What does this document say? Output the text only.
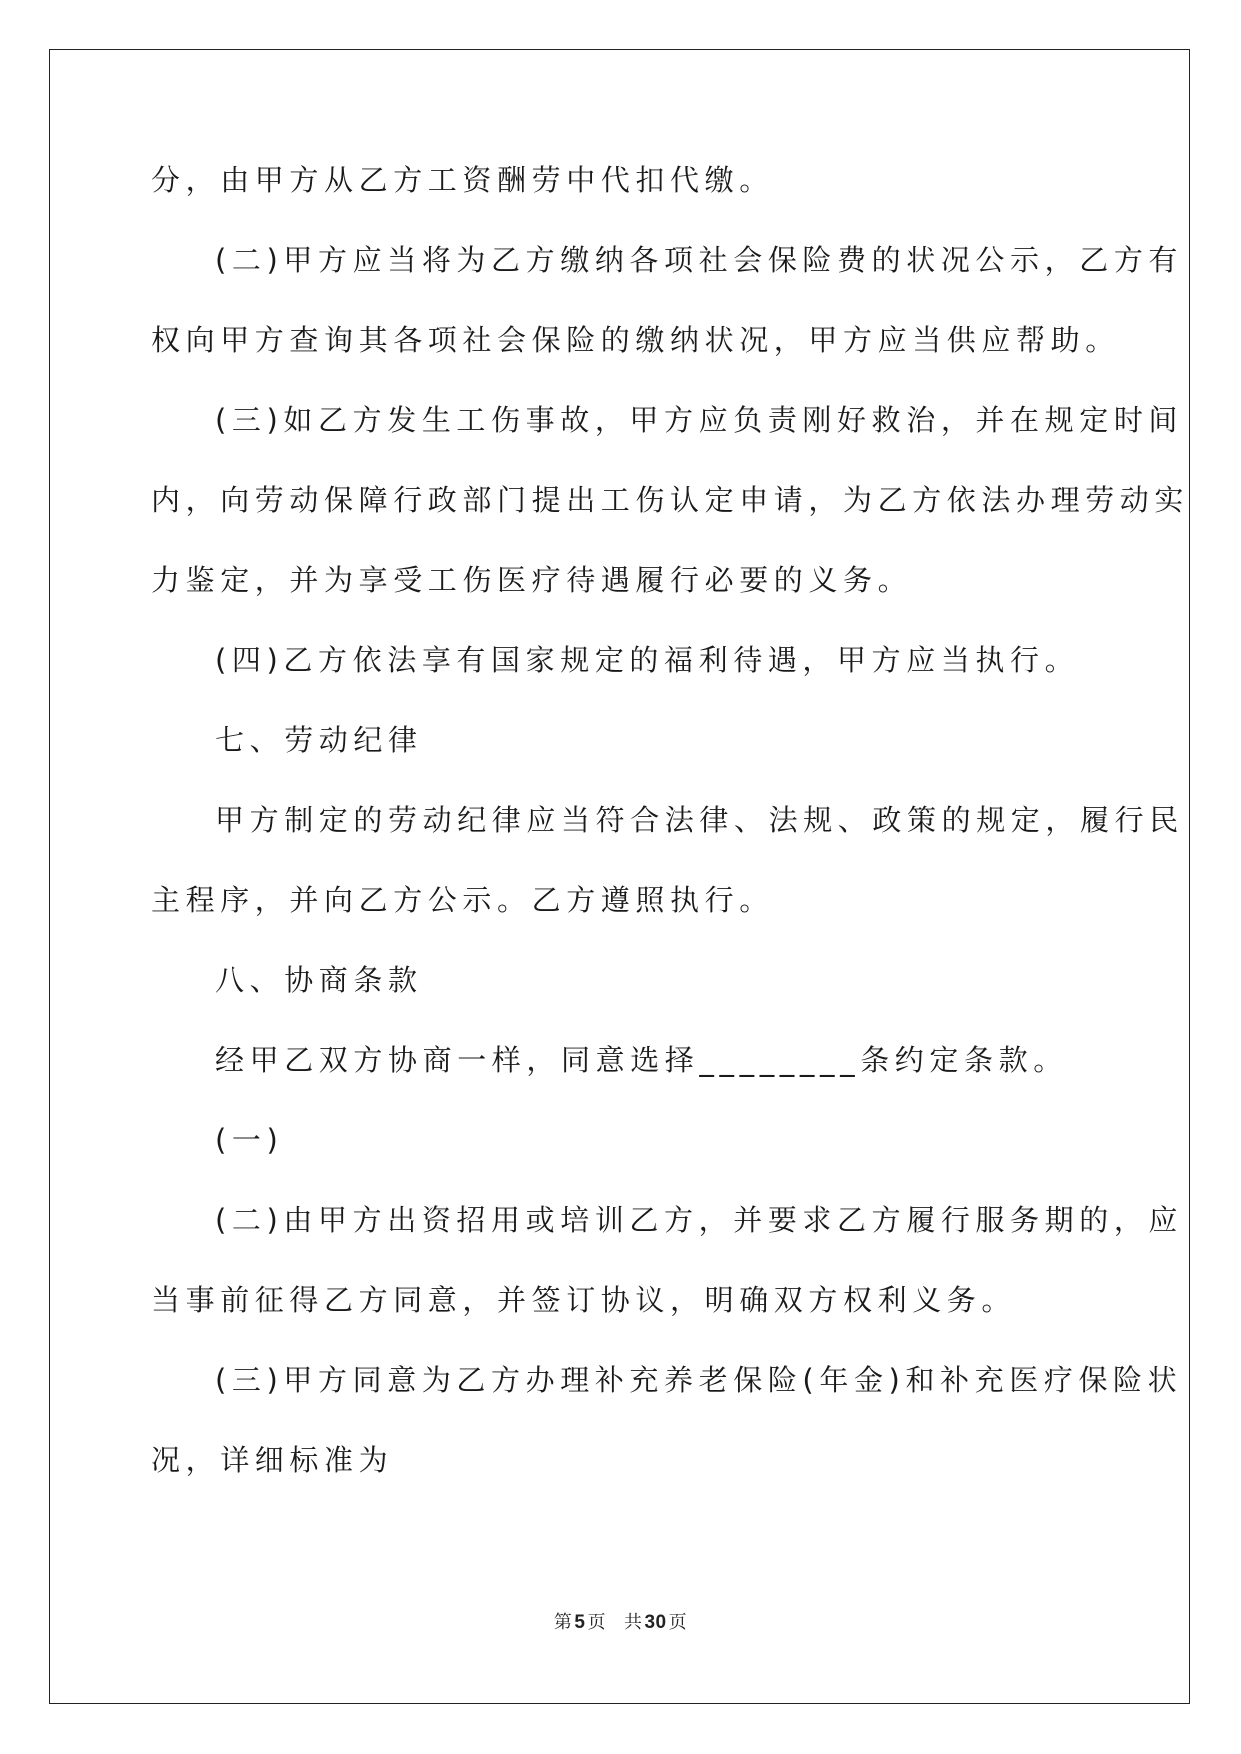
分，由甲方从乙方工资酬劳中代扣代缴。
(二)甲方应当将为乙方缴纳各项社会保险费的状况公示，乙方有
权向甲方查询其各项社会保险的缴纳状况，甲方应当供应帮助。
(三)如乙方发生工伤事故，甲方应负责刚好救治，并在规定时间
内，向劳动保障行政部门提出工伤认定申请，为乙方依法办理劳动实
力鉴定，并为享受工伤医疗待遇履行必要的义务。
(四)乙方依法享有国家规定的福利待遇，甲方应当执行。
七、劳动纪律
甲方制定的劳动纪律应当符合法律、法规、政策的规定，履行民
主程序，并向乙方公示。乙方遵照执行。
八、协商条款
经甲乙双方协商一样，同意选择________条约定条款。
(一)
(二)由甲方出资招用或培训乙方，并要求乙方履行服务期的，应
当事前征得乙方同意，并签订协议，明确双方权利义务。
(三)甲方同意为乙方办理补充养老保险(年金)和补充医疗保险状
况，详细标准为
第 5 页 共 30 页
